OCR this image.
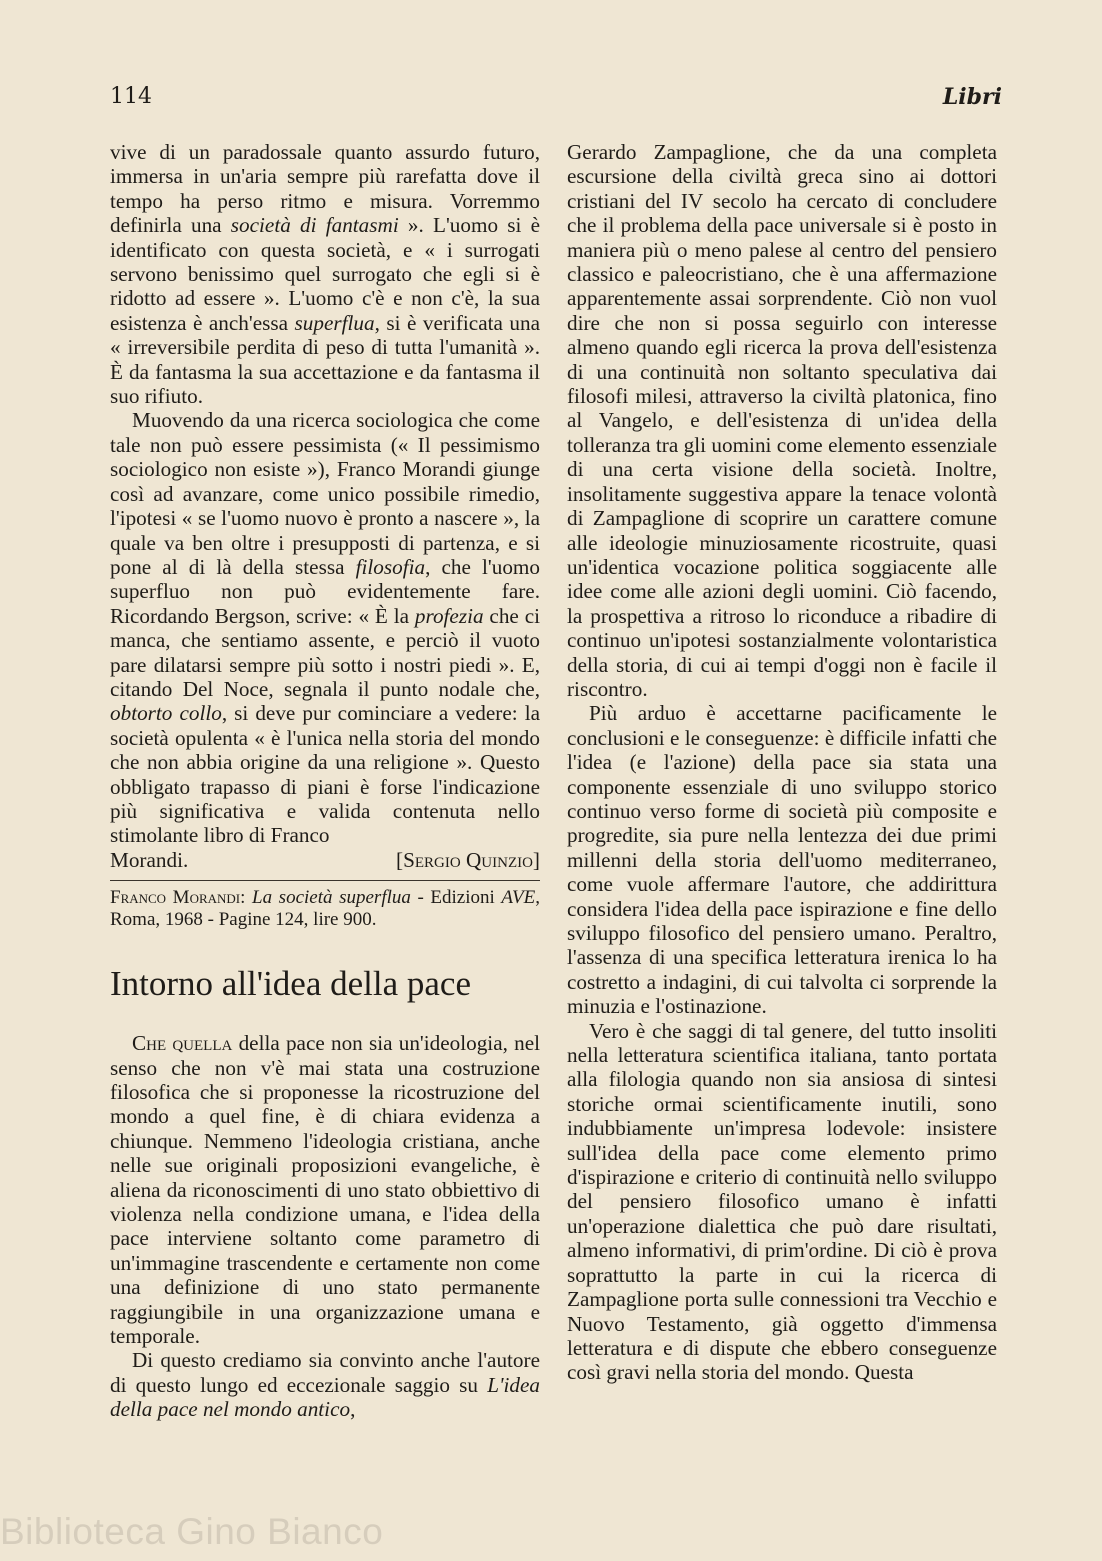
114	Libri

vive di un paradossale quanto assurdo futuro, immersa in un'aria sempre più rarefatta dove il tempo ha perso ritmo e misura. Vorremmo definirla una società di fantasmi ». L'uomo si è identificato con questa società, e « i surrogati servono benissimo quel surrogato che egli si è ridotto ad essere ». L'uomo c'è e non c'è, la sua esistenza è anch'essa superflua, si è verificata una « irreversibile perdita di peso di tutta l'umanità ». È da fantasma la sua accettazione e da fantasma il suo rifiuto.

Muovendo da una ricerca sociologica che come tale non può essere pessimista (« Il pessimismo sociologico non esiste »), Franco Morandi giunge così ad avanzare, come unico possibile rimedio, l'ipotesi « se l'uomo nuovo è pronto a nascere », la quale va ben oltre i presupposti di partenza, e si pone al di là della stessa filosofia, che l'uomo superfluo non può evidentemente fare. Ricordando Bergson, scrive: « È la profezia che ci manca, che sentiamo assente, e perciò il vuoto pare dilatarsi sempre più sotto i nostri piedi ». E, citando Del Noce, segnala il punto nodale che, obtorto collo, si deve pur cominciare a vedere: la società opulenta « è l'unica nella storia del mondo che non abbia origine da una religione ». Questo obbligato trapasso di piani è forse l'indicazione più significativa e valida contenuta nello stimolante libro di Franco

Morandi.	[Sergio Quinzio]

Franco Morandi: La società superflua - Edizioni AVE, Roma, 1968 - Pagine 124, lire 900.

Intorno all'idea della pace

Che quella della pace non sia un'ideologia, nel senso che non v'è mai stata una costruzione filosofica che si proponesse la ricostruzione del mondo a quel fine, è di chiara evidenza a chiunque. Nemmeno l'ideologia cristiana, anche nelle sue originali proposizioni evangeliche, è aliena da riconoscimenti di uno stato obbiettivo di violenza nella condizione umana, e l'idea della pace interviene soltanto come parametro di un'immagine trascendente e certamente non come una definizione di uno stato permanente raggiungibile in una organizzazione umana e temporale.

Di questo crediamo sia convinto anche l'autore di questo lungo ed eccezionale saggio su L'idea della pace nel mondo antico,

Gerardo Zampaglione, che da una completa escursione della civiltà greca sino ai dottori cristiani del IV secolo ha cercato di concludere che il problema della pace universale si è posto in maniera più o meno palese al centro del pensiero classico e paleocristiano, che è una affermazione apparentemente assai sorprendente. Ciò non vuol dire che non si possa seguirlo con interesse almeno quando egli ricerca la prova dell'esistenza di una continuità non soltanto speculativa dai filosofi milesi, attraverso la civiltà platonica, fino al Vangelo, e dell'esistenza di un'idea della tolleranza tra gli uomini come elemento essenziale di una certa visione della società. Inoltre, insolitamente suggestiva appare la tenace volontà di Zampaglione di scoprire un carattere comune alle ideologie minuziosamente ricostruite, quasi un'identica vocazione politica soggiacente alle idee come alle azioni degli uomini. Ciò facendo, la prospettiva a ritroso lo riconduce a ribadire di continuo un'ipotesi sostanzialmente volontaristica della storia, di cui ai tempi d'oggi non è facile il riscontro.

Più arduo è accettarne pacificamente le conclusioni e le conseguenze: è difficile infatti che l'idea (e l'azione) della pace sia stata una componente essenziale di uno sviluppo storico continuo verso forme di società più composite e progredite, sia pure nella lentezza dei due primi millenni della storia dell'uomo mediterraneo, come vuole affermare l'autore, che addirittura considera l'idea della pace ispirazione e fine dello sviluppo filosofico del pensiero umano. Peraltro, l'assenza di una specifica letteratura irenica lo ha costretto a indagini, di cui talvolta ci sorprende la minuzia e l'ostinazione.

Vero è che saggi di tal genere, del tutto insoliti nella letteratura scientifica italiana, tanto portata alla filologia quando non sia ansiosa di sintesi storiche ormai scientificamente inutili, sono indubbiamente un'impresa lodevole: insistere sull'idea della pace come elemento primo d'ispirazione e criterio di continuità nello sviluppo del pensiero filosofico umano è infatti un'operazione dialettica che può dare risultati, almeno informativi, di prim'ordine. Di ciò è prova soprattutto la parte in cui la ricerca di Zampaglione porta sulle connessioni tra Vecchio e Nuovo Testamento, già oggetto d'immensa letteratura e di dispute che ebbero conseguenze così gravi nella storia del mondo. Questa

Biblioteca Gino Bianco
